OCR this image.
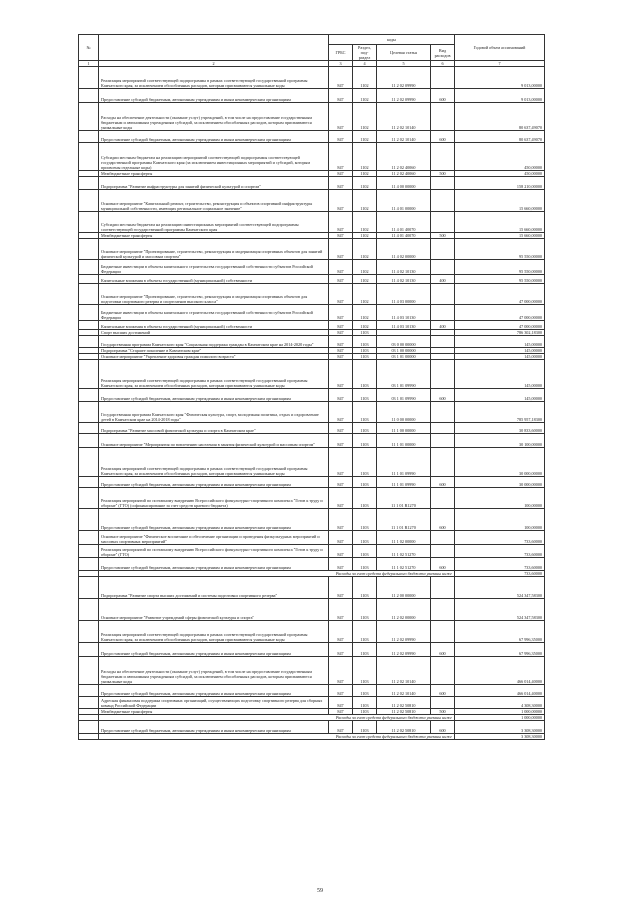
№		коды				Годовой объем ассигнований
		ГРБС	Раздел, под-раздел	Целевая статья	Вид расходов	
1	2	3	4	5	6	7
	Реализация мероприятий соответствующей подпрограммы в рамках соответствующей государственной программы Камчатского края, за исключением обособленных расходов, которым присваиваются уникальные коды	847	1102	11 2 02 09990		9 013,00000
	Предоставление субсидий бюджетным, автономным учреждениям и иным некоммерческим организациям	847	1102	11 2 02 09990	600	9 013,00000
	Расходы на обеспечение деятельности (оказание услуг) учреждений, в том числе на предоставление государственным бюджетным и автономным учреждениям субсидий, за исключением обособленных расходов, которым присваиваются уникальные коды	847	1102	11 2 02 10140		80 637,49070
	Предоставление субсидий бюджетным, автономным учреждениям и иным некоммерческим организациям	847	1102	11 2 02 10140	600	80 637,49070
	Субсидии местным бюджетам на реализацию мероприятий соответствующей подпрограммы соответствующей государственной программы Камчатского края (за исключением инвестиционных мероприятий и субсидий, которым присвоены отдельные коды)	847	1102	11 2 02 40060		450,00000
	Межбюджетные трансферты	847	1102	11 2 02 40060	500	450,00000
	Подпрограмма "Развитие инфраструктуры для занятий физической культурой и спортом"	847	1102	11 4 00 00000		158 210,00000
	Основное мероприятие "Капитальный ремонт, строительство, реконструкция и объектов спортивной инфраструктуры муниципальной собственности, имеющих региональное социальное значение"	847	1102	11 4 01 00000		15 660,00000
	Субсидии местным бюджетам на реализацию инвестиционных мероприятий соответствующей подпрограммы соответствующей государственной программы Камчатского края	847	1102	11 4 01 40070		15 660,00000
	Межбюджетные трансферты	847	1102	11 4 01 40070	500	15 660,00000
	Основное мероприятие "Проектирование, строительство, реконструкция и модернизация спортивных объектов для занятий физической культурой и массовым спортом"	847	1102	11 4 02 00000		95 550,00000
	Бюджетные инвестиции в объекты капитального строительства государственной собственности субъектов Российской Федерации	847	1102	11 4 02 10130		95 550,00000
	Капитальные вложения в объекты государственной (муниципальной) собственности	847	1102	11 4 02 10130	400	95 550,00000
	Основное мероприятие "Проектирование, строительство, реконструкция и модернизация спортивных объектов для подготовки спортивного резерва и спортсменов высокого класса"	847	1102	11 4 03 00000		47 000,00000
	Бюджетные инвестиции в объекты капитального строительства государственной собственности субъектов Российской Федерации	847	1102	11 4 03 10130		47 000,00000
	Капитальные вложения в объекты государственной (муниципальной) собственности	847	1102	11 4 03 10130	400	47 000,00000
	Спорт высших достижений	847	1103			786 302,18300
	Государственная программа Камчатского края "Социальная поддержка граждан в Камчатском крае на 2014-2020 годы"	847	1103	03 0 00 00000		145,00000
	Подпрограмма "Старшее поколение в Камчатском крае"	847	1103	03 1 00 00000		145,00000
	Основное мероприятие "Укрепление здоровья граждан пожилого возраста"	847	1103	03 1 01 00000		145,00000
	Реализация мероприятий соответствующей подпрограммы в рамках соответствующей государственной программы Камчатского края, за исключением обособленных расходов, которым присваиваются уникальные коды	847	1103	03 1 01 09990		145,00000
	Предоставление субсидий бюджетным, автономным учреждениям и иным некоммерческим организациям	847	1103	03 1 01 09990	600	145,00000
	Государственная программа Камчатского края "Физическая культура, спорт, молодежная политика, отдых и оздоровление детей в Камчатском крае на 2014-2018 годы"	847	1103	11 0 00 00000		785 957,18300
	Подпрограмма "Развитие массовой физической культуры и спорта в Камчатском крае"	847	1103	11 1 00 00000		30 833,60000
	Основное мероприятие "Мероприятия по вовлечению населения в занятия физической культурой и массовым спортом"	847	1103	11 1 01 00000		30 100,00000
	Реализация мероприятий соответствующей подпрограммы в рамках соответствующей государственной программы Камчатского края, за исключением обособленных расходов, которым присваиваются уникальные коды	847	1103	11 1 01 09990		30 000,00000
	Предоставление субсидий бюджетным, автономным учреждениям и иным некоммерческим организациям	847	1103	11 1 01 09990	600	30 000,00000
	Реализация мероприятий по поэтапному внедрению Всероссийского физкультурно-спортивного комплекса "Готов к труду и обороне" (ГТО) (софинансирование за счет средств краевого бюджета)	847	1103	11 1 01 R1270		100,00000
	Предоставление субсидий бюджетным, автономным учреждениям и иным некоммерческим организациям	847	1103	11 1 01 R1270	600	100,00000
	Основное мероприятие "Физическое воспитание и обеспечение организации и проведения физкультурных мероприятий и массовых спортивных мероприятий"	847	1103	11 1 02 00000		733,60000
	Реализация мероприятий по поэтапному внедрению Всероссийского физкультурно-спортивного комплекса "Готов к труду и обороне" (ГТО)	847	1103	11 1 02 51270		733,60000
	Предоставление субсидий бюджетным, автономным учреждениям и иным некоммерческим организациям	847	1103	11 1 02 51270	600	733,60000
	Расходы за счет средств федерального бюджета указаны ниже					733,60000
	Подпрограмма "Развитие спорта высших достижений и системы подготовки спортивного резерва"	847	1103	11 2 00 00000		524 347,58300
	Основное мероприятие "Развитие учреждений сферы физической культуры и спорта"	847	1103	11 2 02 00000		524 347,58300
	Реализация мероприятий соответствующей подпрограммы в рамках соответствующей государственной программы Камчатского края, за исключением обособленных расходов, которым присваиваются уникальные коды	847	1103	11 2 02 09990		67 996,35000
	Предоставление субсидий бюджетным, автономным учреждениям и иным некоммерческим организациям	847	1103	11 2 02 09990	600	67 996,35000
	Расходы на обеспечение деятельности (оказание услуг) учреждений, в том числе на предоставление государственным бюджетным и автономным учреждениям субсидий, за исключением обособленных расходов, которым присваиваются уникальные коды	847	1103	11 2 02 10140		466 014,40000
	Предоставление субсидий бюджетным, автономным учреждениям и иным некоммерческим организациям	847	1103	11 2 02 10140	600	466 014,40000
	Адресная финансовая поддержка спортивных организаций, осуществляющих подготовку спортивного резерва для сборных команд Российской Федерации	847	1103	11 2 02 50810		4 308,30000
	Межбюджетные трансферты	847	1103	11 2 02 50810	500	1 000,00000
	Расходы за счет средств федерального бюджета указаны ниже					1 000,00000
	Предоставление субсидий бюджетным, автономным учреждениям и иным некоммерческим организациям	847	1103	11 2 02 50810	600	3 308,30000
	Расходы за счет средств федерального бюджета указаны ниже					3 308,30000
59
